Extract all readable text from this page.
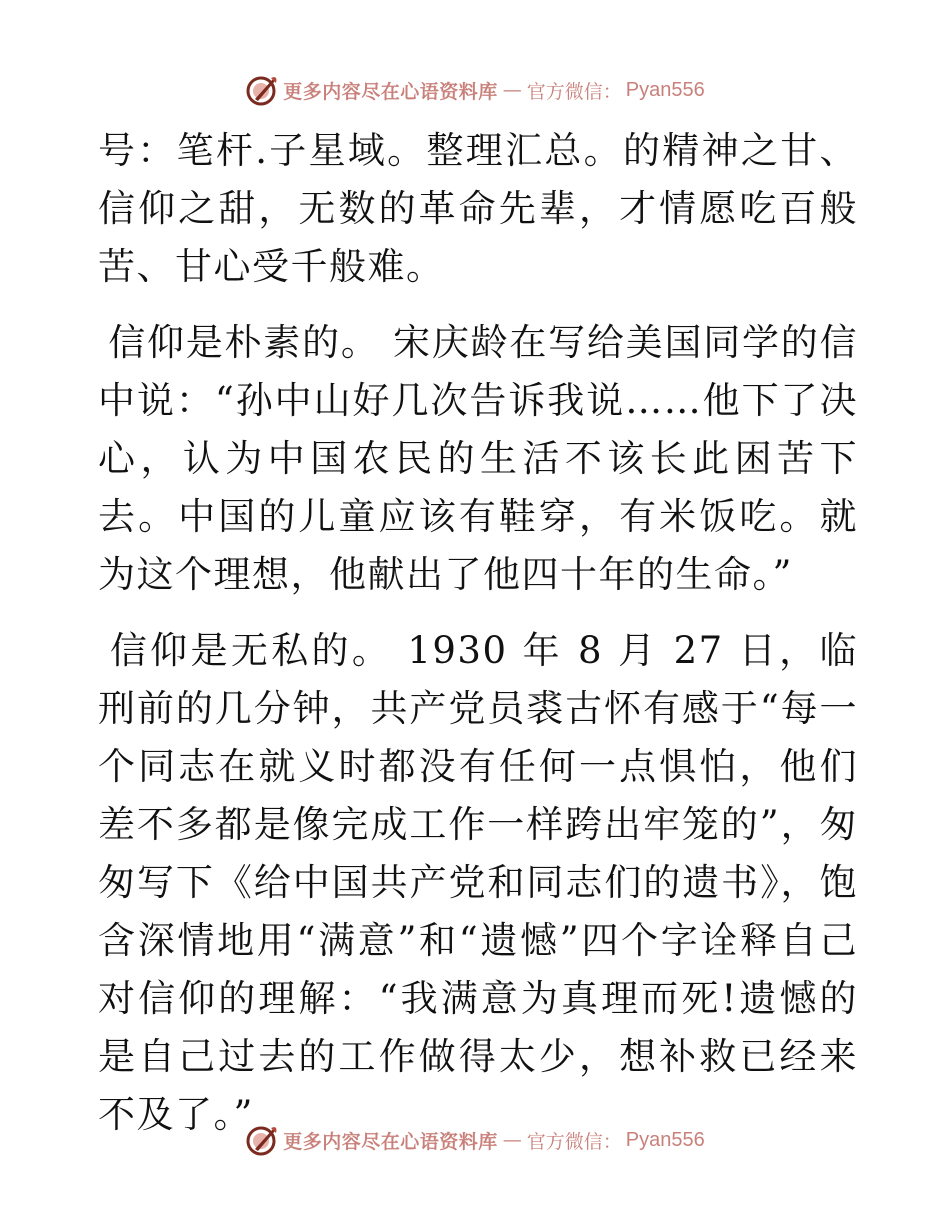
更多内容尽在心语资料库 — 官方微信： Pyan556

号：笔杆.子星域。整理汇总。的精神之甘、信仰之甜，无数的革命先辈，才情愿吃百般苦、甘心受千般难。

信仰是朴素的。 宋庆龄在写给美国同学的信中说：“孙中山好几次告诉我说……他下了决心，认为中国农民的生活不该长此困苦下去。中国的儿童应该有鞋穿，有米饭吃。就为这个理想，他献出了他四十年的生命。”

信仰是无私的。 1930 年 8 月 27 日，临刑前的几分钟，共产党员裘古怀有感于“每一个同志在就义时都没有任何一点惧怕，他们差不多都是像完成工作一样跨出牢笼的”，匆匆写下《给中国共产党和同志们的遗书》，饱含深情地用“满意”和“遗憾”四个字诠释自己对信仰的理解：“我满意为真理而死!遗憾的是自己过去的工作做得太少，想补救已经来不及了。”

更多内容尽在心语资料库 — 官方微信： Pyan556
